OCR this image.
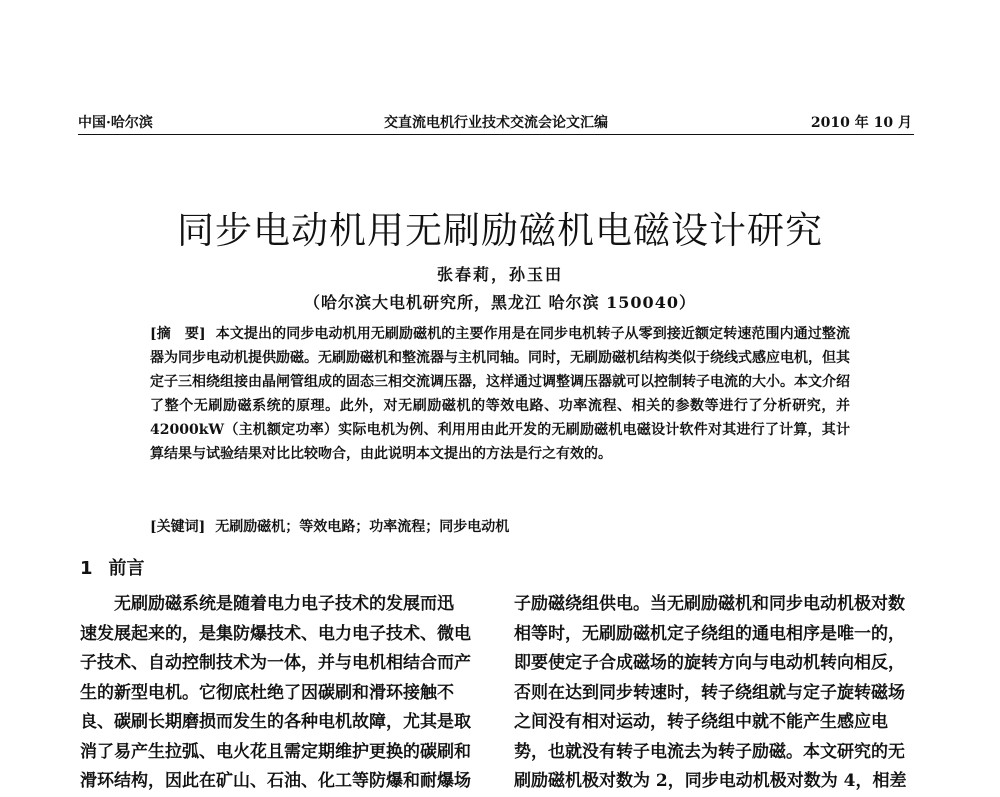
中国·哈尔滨	交直流电机行业技术交流会论文汇编	2010 年 10 月
同步电动机用无刷励磁机电磁设计研究
张春莉，孙玉田
（哈尔滨大电机研究所，黑龙江 哈尔滨 150040）
[摘　要] 本文提出的同步电动机用无刷励磁机的主要作用是在同步电机转子从零到接近额定转速范围内通过整流器为同步电动机提供励磁。无刷励磁机和整流器与主机同轴。同时，无刷励磁机结构类似于绕线式感应电机，但其定子三相绕组接由晶闸管组成的固态三相交流调压器，这样通过调整调压器就可以控制转子电流的大小。本文介绍了整个无刷励磁系统的原理。此外，对无刷励磁机的等效电路、功率流程、相关的参数等进行了分析研究，并 42000kW（主机额定功率）实际电机为例、利用用由此开发的无刷励磁机电磁设计软件对其进行了计算，其计算结果与试验结果对比比较吻合，由此说明本文提出的方法是行之有效的。
[关键词] 无刷励磁机；等效电路；功率流程；同步电动机
1 前言
无刷励磁系统是随着电力电子技术的发展而迅
速发展起来的，是集防爆技术、电力电子技术、微电
子技术、自动控制技术为一体，并与电机相结合而产
生的新型电机。它彻底杜绝了因碳刷和滑环接触不
良、碳刷长期磨损而发生的各种电机故障，尤其是取
消了易产生拉弧、电火花且需定期维护更换的碳刷和
滑环结构，因此在矿山、石油、化工等防爆和耐爆场
子励磁绕组供电。当无刷励磁机和同步电动机极对数
相等时，无刷励磁机定子绕组的通电相序是唯一的，
即要使定子合成磁场的旋转方向与电动机转向相反，
否则在达到同步转速时，转子绕组就与定子旋转磁场
之间没有相对运动，转子绕组中就不能产生感应电
势，也就没有转子电流去为转子励磁。本文研究的无
刷励磁机极对数为 2，同步电动机极对数为 4，相差
